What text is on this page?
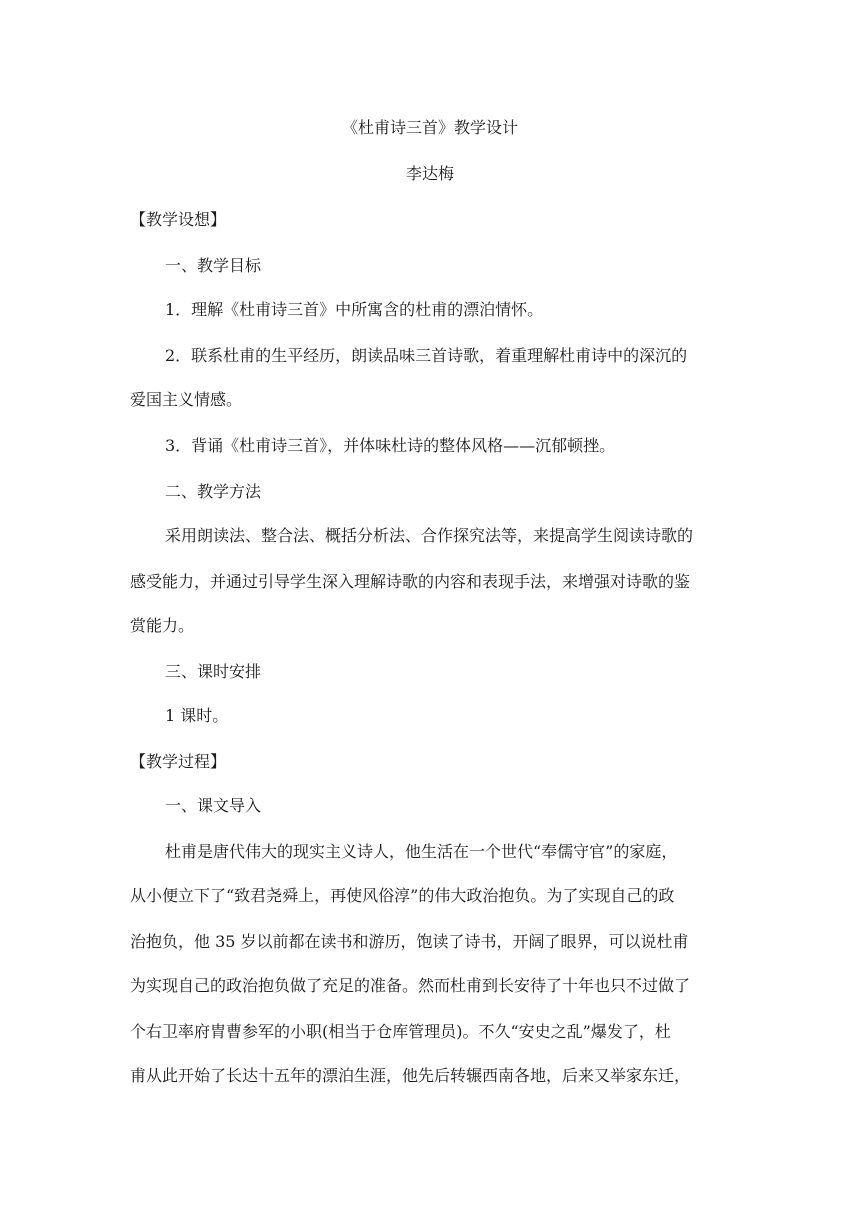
《杜甫诗三首》教学设计
李达梅
【教学设想】
一、教学目标
1．理解《杜甫诗三首》中所寓含的杜甫的漂泊情怀。
2．联系杜甫的生平经历，朗读品味三首诗歌，着重理解杜甫诗中的深沉的
爱国主义情感。
3．背诵《杜甫诗三首》，并体味杜诗的整体风格——沉郁顿挫。
二、教学方法
采用朗读法、整合法、概括分析法、合作探究法等，来提高学生阅读诗歌的
感受能力，并通过引导学生深入理解诗歌的内容和表现手法，来增强对诗歌的鉴
赏能力。
三、课时安排
1 课时。
【教学过程】
一、课文导入
杜甫是唐代伟大的现实主义诗人，他生活在一个世代“奉儒守官”的家庭，
从小便立下了“致君尧舜上，再使风俗淳”的伟大政治抱负。为了实现自己的政
治抱负，他 35 岁以前都在读书和游历，饱读了诗书，开阔了眼界，可以说杜甫
为实现自己的政治抱负做了充足的准备。然而杜甫到长安待了十年也只不过做了
个右卫率府胄曹参军的小职(相当于仓库管理员)。不久“安史之乱”爆发了，杜
甫从此开始了长达十五年的漂泊生涯，他先后转辗西南各地，后来又举家东迁，
